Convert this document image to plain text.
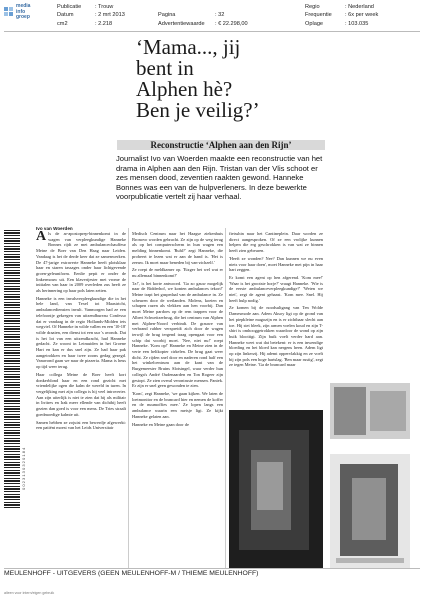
media
info
groep
Publicatie : Trouw
Datum	: 2 mrt 2013
cm2	: 2.218

Pagina	: 32
Advertentiewaarde : € 22.298,00
Regio	: Nederland
Frequentie : 6x per week
Oplage	: 103.035
‘Mama..., jij
bent in
Alphen hè?
Ben je veilig?’
Reconstructie ‘Alphen aan den Rijn’
Journalist Ivo van Woerden maakte een reconstructie van het drama in Alphen aan den Rijn. Tristan van der Vlis schoot er zes mensen dood, zeventien raakten gewond. Hanneke Bonnes was een van de hulpverleners. In deze bewerkte voorpublicatie vertelt zij haar verhaal.
Ivo van Woerden

Als de ar-apostoprep-binnenkomt in de wagen van verpleegkundige Hanneke Bonnes rijdt ze met ambulancechauffeur Meine de Boer van Den Haag naar Leiden. Vandaag is het de derde keer dat ze samenwerken. De 47-jarige extraverte Hanneke heeft plotsklaar haar en staren tassages onder haar lichtgevende groen-geleuniform. Eenlie pepit er onder de linkermouw uit. Een klavertjester met vrome de initialen van haar in 2009 overleden zus heeft ze als herinnering op haar pols laten zetten.

Hanneke is een invalsverpleegkundige die in het hele land, van Texel tot Maastricht, ambulancediensten invult. Vanmorgen had ze een telefoontje gekregen van uitzendbureau Confesso dat er vandaag in de regio Hollands-Midden iets wegviel. Of Hanneke in wilde vallen en een '10-18' wilde draaien, een dienst tot een uur 's avonds. Dat is het lot van een uitzendkracht, had Hanneke gedacht. Ze woont in Leimuiden in het Groene Hart en kan er dus snel zijn. Ze had haar pak aangetrokken en haar twee zoons gedag gezegd. Vanavond gaan we naar de pizzeria. Mama is heus op tijd weer terug.

Haar collega Meine de Boer heeft kort donkerblond haar en een rond gezicht met vriendelijke ogen die kalm de wereld in turen. In vergelijking met zijn collega is hij veel introverter. Aan zijn uiterlijk is niet te zien dat hij als militair in Irritres en Irak meer ellende van dichtbij heeft gezien dan goed is voor een mens. De Tries straalt goedmoedige kalmte uit.

Samen hebben ze zojuist een bewerdje afgewerkt: een patiënt moest van het Leids Universitair

Medisch Centrum naar het Haagse ziekenhuis Bronovo worden gebracht. Ze zijn op de weg terug als op het computerscherm in hun wagen een melding binnenkomt. 'Ruhl?' zegt Hanneke, die probeert te lezen wat er aan de hand is. 'Het is zeeuw. Ik moet maar beneden bij van-zichzelf.'

Ze roept de meldkamer op. 'Eizger het wel wat er nu allemaal binnenkomt?'

'Ja!', is het korte antwoord. 'Ga zo gauw mogelijk naar de Ridderhof, we konten ambulances tekort!' Meine trapt het gaspedaal van de ambulance in. Ze scheuren door de weilanden. Molens, koeien en schapen razen als vlekken aan hen voorbij. Dan moet Meine pardoes op de rem trappen voor de Albert Schweitzerbrug, die het centrum van Alphen met Alphen-Noord verbindt. De grauwe van verbrand rubber verspreidt zich door de wagen terwijl de brug tergend traag opengaat voor een schip dat voorbij moet. 'Nee, niet nu!' roept Hanneke. 'Kom op!' Hanneke en Meine zien in de verte een helikopter cirkelen. De brug gaat weer dicht. Ze rijden snel door en naderen rond half een het winkelcentrum aan de kant van de Burgemeester Bruins Slotsingel, waar verder hun collega's André Oudenaarden en Ton Rogeer zijn gestopt. Ze zien overal verontruste mensen. Paniek. Er zijn er snel geen gewonden te zien.

'Kom', zegt Hanneke, 'we gaan kijken. We laten de loetmonitor en de brancard hier en nemen de koffer en de nuumoffies mee.' Ze lopen langs een ambulance waarin een meisje ligt. Ze kijkt Hanneke gelaten aan.

Hanneke en Meine gaan door de

fietsshin naar het Cantineplein. Daar worden ze direct aangesproken. Of ze een vrolijke kunnen helpen die erg geschrokken is van wat ze binnen heeft zien gebeuren.

'Heeft ze wonden? Nee? Dan kunnen we nu even niets voor haar doen', moet Hanneke met pijn in haar hart zeggen.

Er komt een agent op hen afgerend. 'Kom mee!' 'Waar is het grootste horje?' vraagt Hanneke. 'Wie is de eerste ambulanceverpleegkundige?' 'Weten we niet', zegt de agent gehaast. 'Kom mee. Snel. Hij heeft hulp nodig.'

Ze komen bij de noodsultgang van Ten Wolde Damesmode aan. Adem Aksoy ligt op de grond van het piepkleine magozijn en is er zichtbaar slecht aan toe. Hij stet bleek, zijn armen voelen koud en zijn T-shirt is omhooggetrokken waardoor de wond op zijn buik bloottigt. Zijn buik voelt verder hard aan. Hanneke weet wat dat betekent: er is een inwendige bloeding en het bloed kan nergens heen. Adem ligt op zijn linkerzij. Hij ademt oppervlakkig en ze voelt bij zijn pols een hoge hartslag. 'Ben maar rustig', zegt ze tegen Meine. 'Ga de brancard maar

0 0 2 3 1 3 0 3 2 0 1 8 4
MEULENHOFF - UITGEVERS (GEEN MEULENHOFF-M / THIEME MEULENHOFF)
alleen voor intern/eigen gebruik
